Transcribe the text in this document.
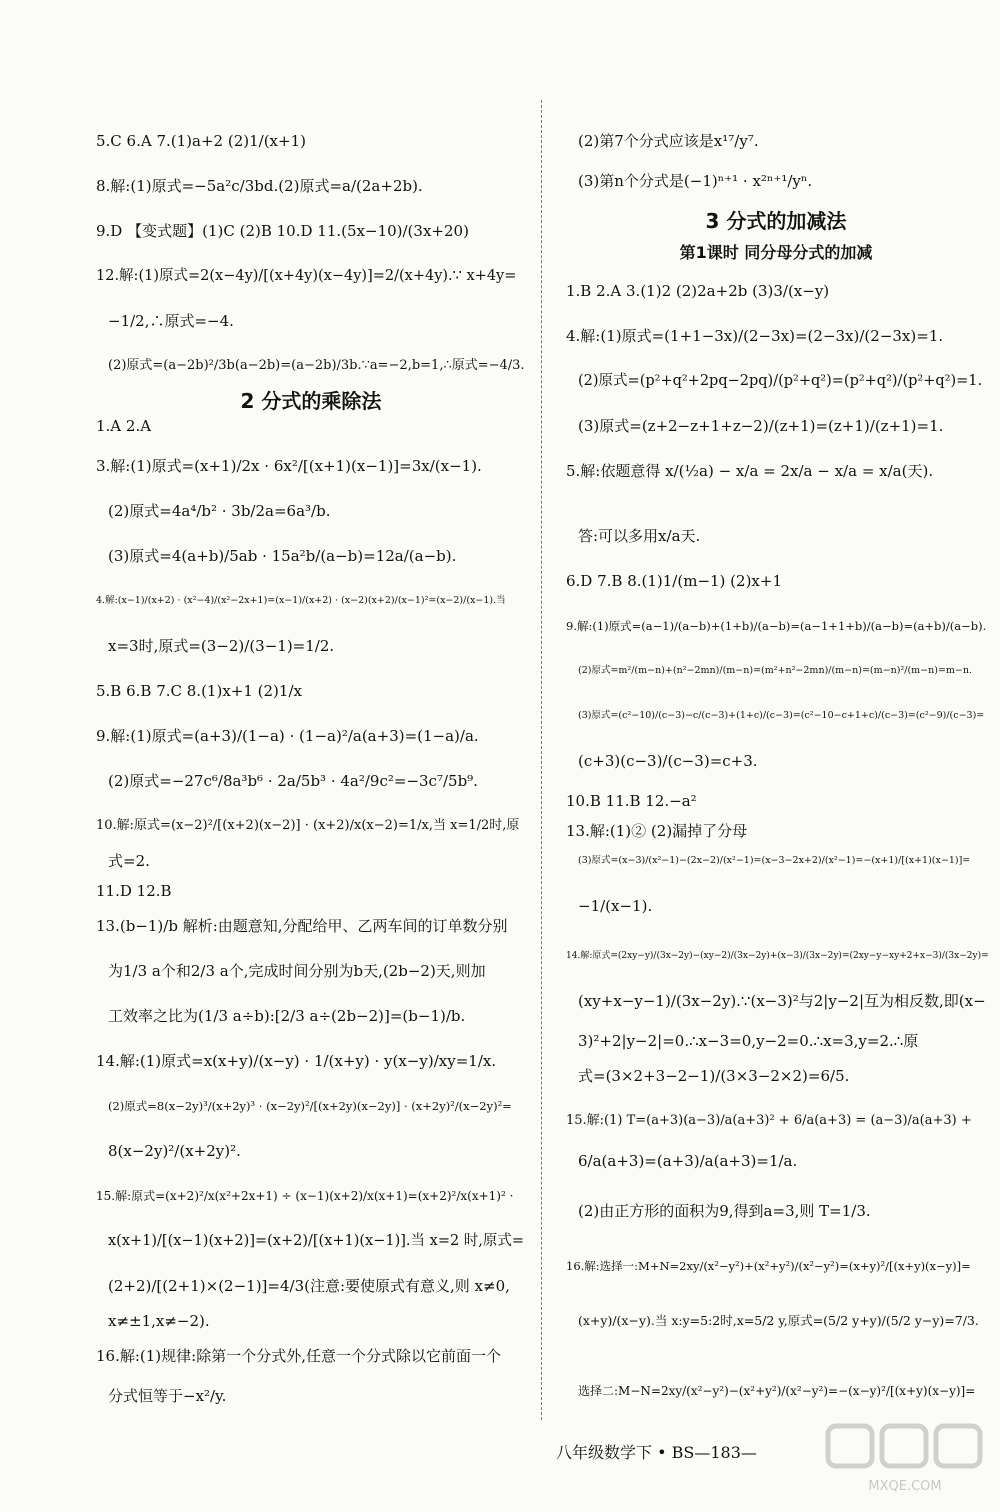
5.C 6.A 7.(1)a+2 (2)1/(x+1)
8.解:(1)原式=−5a²c/3bd.(2)原式=a/(2a+2b).
9.D 【变式题】(1)C (2)B 10.D 11.(5x−10)/(3x+20)
12.解:(1)原式=2(x−4y)/[(x+4y)(x−4y)]=2/(x+4y).∵ x+4y=
−1/2,∴原式=−4.
(2)原式=(a−2b)²/3b(a−2b)=(a−2b)/3b.∵a=−2,b=1,∴原式=−4/3.
2 分式的乘除法
1.A 2.A
3.解:(1)原式=(x+1)/2x · 6x²/[(x+1)(x−1)]=3x/(x−1).
(2)原式=4a⁴/b² · 3b/2a=6a³/b.
(3)原式=4(a+b)/5ab · 15a²b/(a−b)=12a/(a−b).
4.解:(x−1)/(x+2) · (x²−4)/(x²−2x+1)=(x−1)/(x+2) · (x−2)(x+2)/(x−1)²=(x−2)/(x−1).当
x=3时,原式=(3−2)/(3−1)=1/2.
5.B 6.B 7.C 8.(1)x+1 (2)1/x
9.解:(1)原式=(a+3)/(1−a) · (1−a)²/a(a+3)=(1−a)/a.
(2)原式=−27c⁶/8a³b⁶ · 2a/5b³ · 4a²/9c²=−3c⁷/5b⁹.
10.解:原式=(x−2)²/[(x+2)(x−2)] · (x+2)/x(x−2)=1/x,当 x=1/2时,原
式=2.
11.D 12.B
13.(b−1)/b 解析:由题意知,分配给甲、乙两车间的订单数分别
为1/3 a个和2/3 a个,完成时间分别为b天,(2b−2)天,则加
工效率之比为(1/3 a÷b):[2/3 a÷(2b−2)]=(b−1)/b.
14.解:(1)原式=x(x+y)/(x−y) · 1/(x+y) · y(x−y)/xy=1/x.
(2)原式=8(x−2y)³/(x+2y)³ · (x−2y)²/[(x+2y)(x−2y)] · (x+2y)²/(x−2y)²=
8(x−2y)²/(x+2y)².
15.解:原式=(x+2)²/x(x²+2x+1) ÷ (x−1)(x+2)/x(x+1)=(x+2)²/x(x+1)² ·
x(x+1)/[(x−1)(x+2)]=(x+2)/[(x+1)(x−1)].当 x=2 时,原式=
(2+2)/[(2+1)×(2−1)]=4/3(注意:要使原式有意义,则 x≠0,
x≠±1,x≠−2).
16.解:(1)规律:除第一个分式外,任意一个分式除以它前面一个
分式恒等于−x²/y.
(2)第7个分式应该是x¹⁷/y⁷.
(3)第n个分式是(−1)ⁿ⁺¹ · x²ⁿ⁺¹/yⁿ.
3 分式的加减法
第1课时 同分母分式的加减
1.B 2.A 3.(1)2 (2)2a+2b (3)3/(x−y)
4.解:(1)原式=(1+1−3x)/(2−3x)=(2−3x)/(2−3x)=1.
(2)原式=(p²+q²+2pq−2pq)/(p²+q²)=(p²+q²)/(p²+q²)=1.
(3)原式=(z+2−z+1+z−2)/(z+1)=(z+1)/(z+1)=1.
5.解:依题意得 x/(½a) − x/a = 2x/a − x/a = x/a(天).
答:可以多用x/a天.
6.D 7.B 8.(1)1/(m−1) (2)x+1
9.解:(1)原式=(a−1)/(a−b)+(1+b)/(a−b)=(a−1+1+b)/(a−b)=(a+b)/(a−b).
(2)原式=m²/(m−n)+(n²−2mn)/(m−n)=(m²+n²−2mn)/(m−n)=(m−n)²/(m−n)=m−n.
(3)原式=(c²−10)/(c−3)−c/(c−3)+(1+c)/(c−3)=(c²−10−c+1+c)/(c−3)=(c²−9)/(c−3)=
(c+3)(c−3)/(c−3)=c+3.
10.B 11.B 12.−a²
13.解:(1)② (2)漏掉了分母
(3)原式=(x−3)/(x²−1)−(2x−2)/(x²−1)=(x−3−2x+2)/(x²−1)=−(x+1)/[(x+1)(x−1)]=
−1/(x−1).
14.解:原式=(2xy−y)/(3x−2y)−(xy−2)/(3x−2y)+(x−3)/(3x−2y)=(2xy−y−xy+2+x−3)/(3x−2y)=
(xy+x−y−1)/(3x−2y).∵(x−3)²与2|y−2|互为相反数,即(x−
3)²+2|y−2|=0.∴x−3=0,y−2=0.∴x=3,y=2.∴原
式=(3×2+3−2−1)/(3×3−2×2)=6/5.
15.解:(1) T=(a+3)(a−3)/a(a+3)² + 6/a(a+3) = (a−3)/a(a+3) +
6/a(a+3)=(a+3)/a(a+3)=1/a.
(2)由正方形的面积为9,得到a=3,则 T=1/3.
16.解:选择一:M+N=2xy/(x²−y²)+(x²+y²)/(x²−y²)=(x+y)²/[(x+y)(x−y)]=
(x+y)/(x−y).当 x:y=5:2时,x=5/2 y,原式=(5/2 y+y)/(5/2 y−y)=7/3.
选择二:M−N=2xy/(x²−y²)−(x²+y²)/(x²−y²)=−(x−y)²/[(x+y)(x−y)]=
八年级数学下 • BS—183—
MXQE.COM
